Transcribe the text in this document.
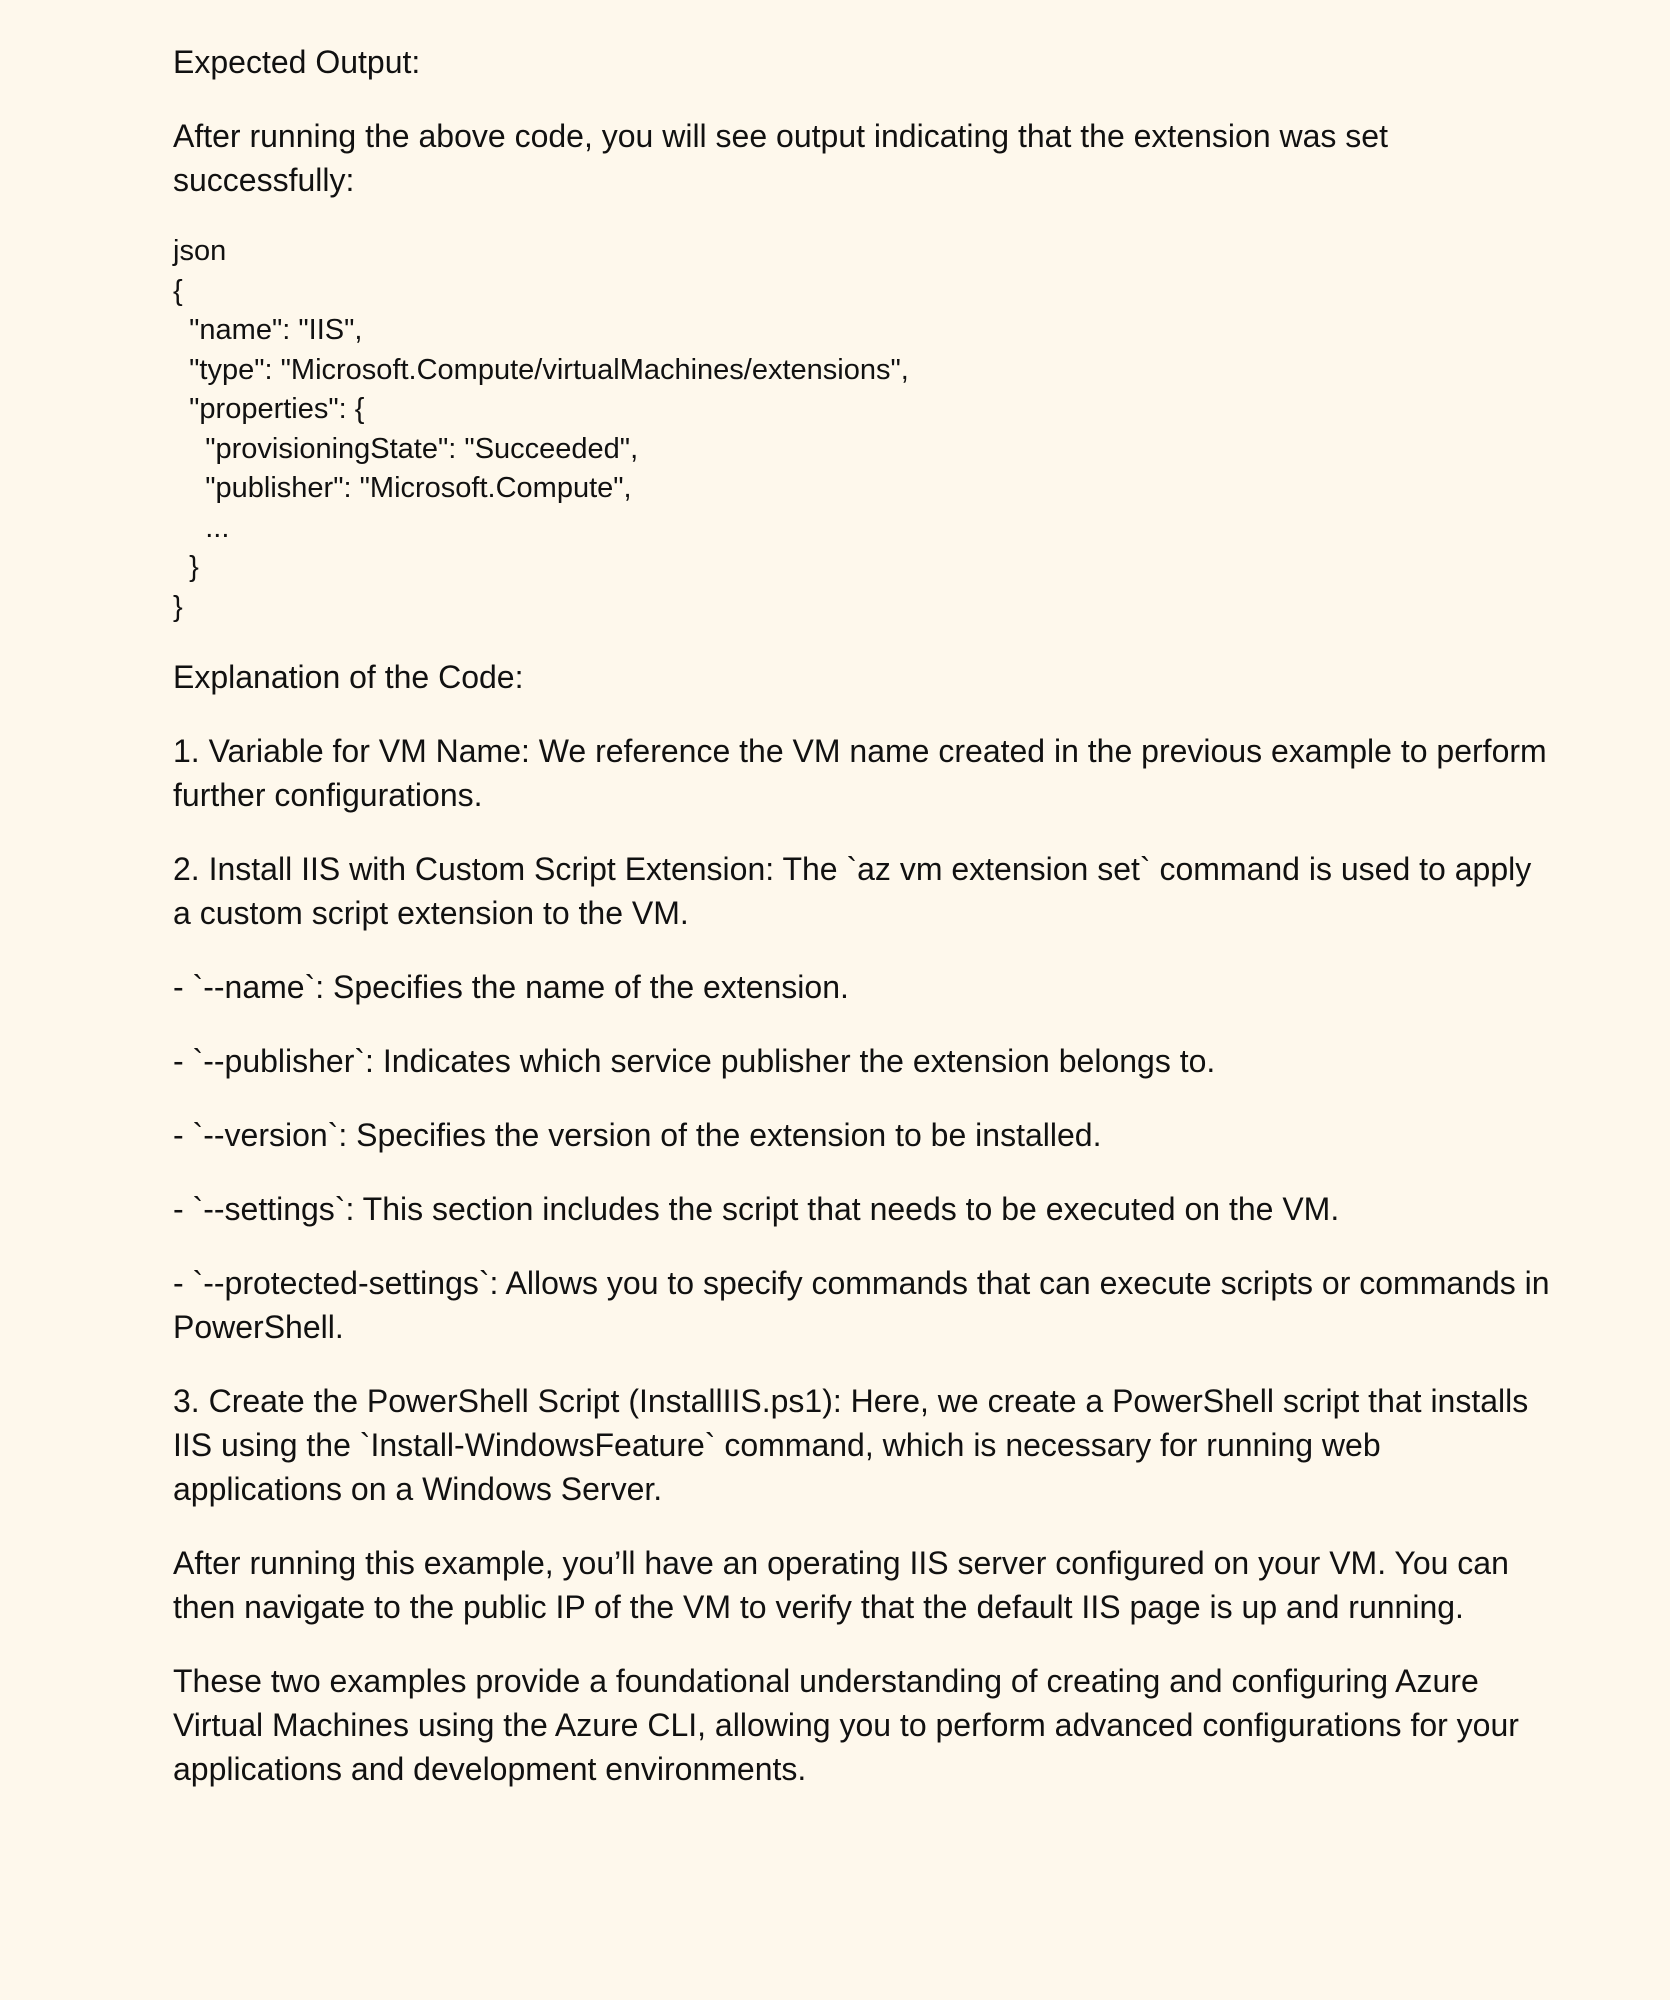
Expected Output:

After running the above code, you will see output indicating that the extension was set successfully:

json
{
"name": "IIS",
"type": "Microsoft.Compute/virtualMachines/extensions",
"properties": {
"provisioningState": "Succeeded",
"publisher": "Microsoft.Compute",
...
}
}

Explanation of the Code:

1. Variable for VM Name: We reference the VM name created in the previous example to perform further configurations.

2. Install IIS with Custom Script Extension: The `az vm extension set` command is used to apply a custom script extension to the VM.

- `--name`: Specifies the name of the extension.

- `--publisher`: Indicates which service publisher the extension belongs to.

- `--version`: Specifies the version of the extension to be installed.

- `--settings`: This section includes the script that needs to be executed on the VM.

- `--protected-settings`: Allows you to specify commands that can execute scripts or commands in PowerShell.

3. Create the PowerShell Script (InstallIIS.ps1): Here, we create a PowerShell script that installs IIS using the `Install-WindowsFeature` command, which is necessary for running web applications on a Windows Server.

After running this example, you’ll have an operating IIS server configured on your VM. You can then navigate to the public IP of the VM to verify that the default IIS page is up and running.

These two examples provide a foundational understanding of creating and configuring Azure Virtual Machines using the Azure CLI, allowing you to perform advanced configurations for your applications and development environments.
